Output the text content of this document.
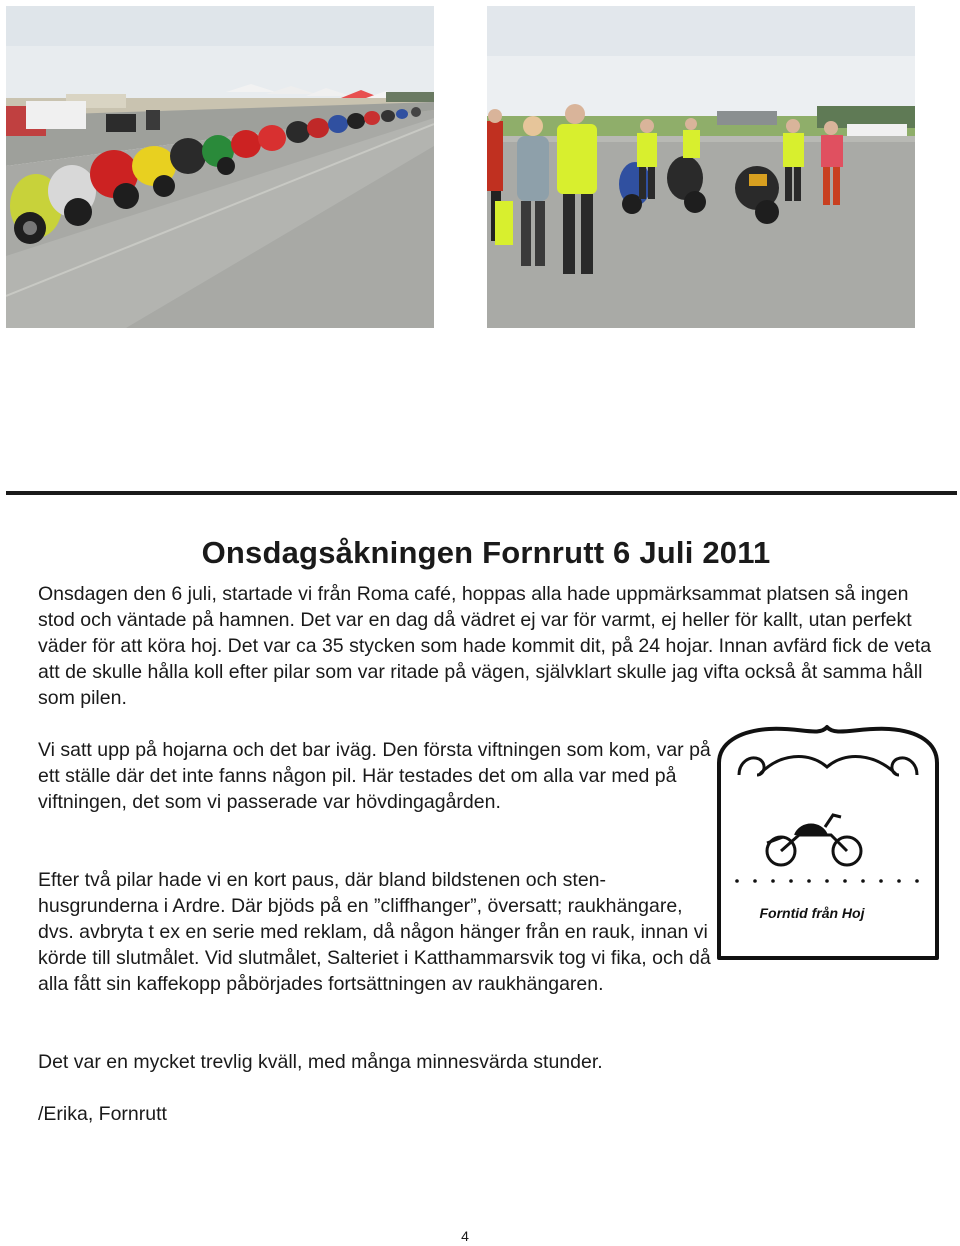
Onsdagsåkningen Fornrutt 6 Juli 2011

Onsdagen den 6 juli, startade vi från Roma café, hoppas alla hade uppmärksammat platsen så ingen stod och väntade på hamnen. Det var en dag då vädret ej var för varmt, ej heller för kallt, utan perfekt väder för att köra hoj. Det var ca 35 stycken som hade kommit dit, på 24 hojar. Innan avfärd fick de veta att de skulle hålla koll efter pilar som var ritade på vägen, självklart skulle jag vifta också åt samma håll som pilen.

Vi satt upp på hojarna och det bar iväg. Den första viftningen som kom, var på ett ställe där det inte fanns någon pil. Här testades det om alla var med på viftningen, det som vi passerade var hövdingagården.

Efter två pilar hade vi en kort paus, där bland bildstenen och sten-husgrunderna i Ardre. Där bjöds på en ”cliffhanger”, översatt; raukhängare, dvs. avbryta t ex en serie med reklam, då någon hänger från en rauk, innan vi körde till slutmålet. Vid slutmålet, Salteriet i Katthammarsvik tog vi fika, och då alla fått sin kaffekopp påbörjades fortsättningen av raukhängaren.

Det var en mycket trevlig kväll, med många minnesvärda stunder.

/Erika, Fornrutt

Forntid från Hoj
4
